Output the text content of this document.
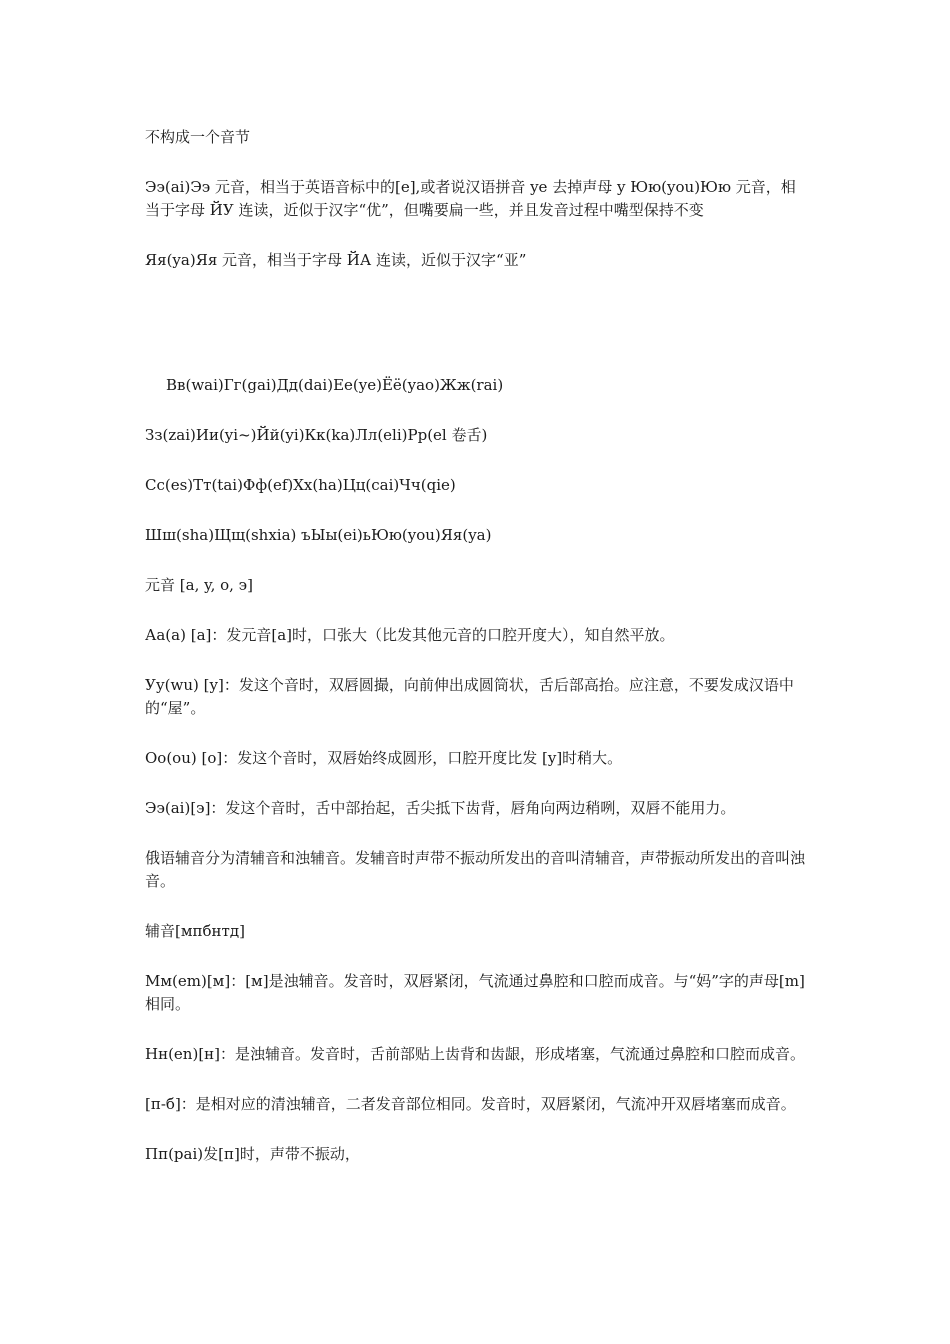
不构成一个音节

Ээ(ai)Ээ 元音，相当于英语音标中的[e],或者说汉语拼音 ye 去掉声母 y Юю(you)Юю 元音，相当于字母 ЙУ 连读，近似于汉字“优”，但嘴要扁一些，并且发音过程中嘴型保持不变

Яя(ya)Яя 元音，相当于字母 ЙА 连读，近似于汉字“亚”

Вв(wai)Гг(gai)Дд(dai)Ее(ye)Ёё(yao)Жж(rai)

Зз(zai)Ии(yi~)Йй(yi)Кк(ka)Лл(eli)Рр(el 卷舌)

Сс(es)Тт(tai)Фф(ef)Хх(ha)Цц(cai)Чч(qie)

Шш(sha)Щщ(shxia) ъЫы(ei)ьЮю(you)Яя(ya)

元音 [a, y, o, э]

Аа(a) [a]：发元音[a]时，口张大（比发其他元音的口腔开度大），知自然平放。

Уу(wu) [y]：发这个音时，双唇圆撮，向前伸出成圆筒状，舌后部高抬。应注意，不要发成汉语中的“屋”。

Оо(ou) [o]：发这个音时，双唇始终成圆形，口腔开度比发 [y]时稍大。

Ээ(ai)[э]：发这个音时，舌中部抬起，舌尖抵下齿背，唇角向两边稍咧，双唇不能用力。

俄语辅音分为清辅音和浊辅音。发辅音时声带不振动所发出的音叫清辅音，声带振动所发出的音叫浊音。

辅音[мпбнтд]

Мм(em)[м]：[м]是浊辅音。发音时，双唇紧闭，气流通过鼻腔和口腔而成音。与“妈”字的声母[m]相同。

Нн(en)[н]：是浊辅音。发音时，舌前部贴上齿背和齿龈，形成堵塞，气流通过鼻腔和口腔而成音。

[п-б]：是相对应的清浊辅音，二者发音部位相同。发音时，双唇紧闭，气流冲开双唇堵塞而成音。

Пп(pai)发[п]时，声带不振动，
